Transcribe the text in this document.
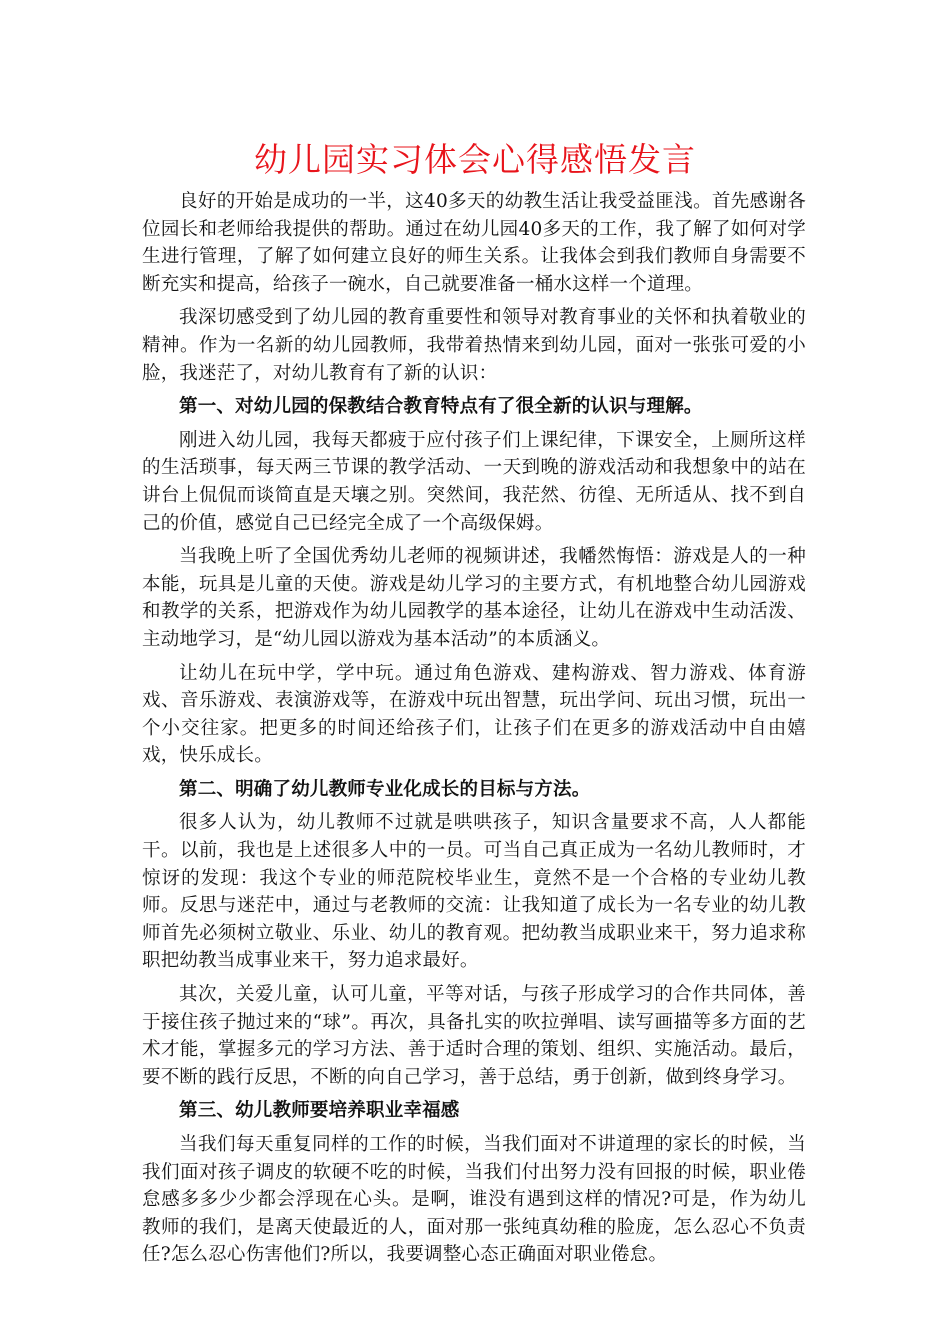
幼儿园实习体会心得感悟发言

良好的开始是成功的一半，这40多天的幼教生活让我受益匪浅。首先感谢各位园长和老师给我提供的帮助。通过在幼儿园40多天的工作，我了解了如何对学生进行管理，了解了如何建立良好的师生关系。让我体会到我们教师自身需要不断充实和提高，给孩子一碗水，自己就要准备一桶水这样一个道理。

我深切感受到了幼儿园的教育重要性和领导对教育事业的关怀和执着敬业的精神。作为一名新的幼儿园教师，我带着热情来到幼儿园，面对一张张可爱的小脸，我迷茫了，对幼儿教育有了新的认识：

第一、对幼儿园的保教结合教育特点有了很全新的认识与理解。

刚进入幼儿园，我每天都疲于应付孩子们上课纪律，下课安全，上厕所这样的生活琐事，每天两三节课的教学活动、一天到晚的游戏活动和我想象中的站在讲台上侃侃而谈简直是天壤之别。突然间，我茫然、彷徨、无所适从、找不到自己的价值，感觉自己已经完全成了一个高级保姆。

当我晚上听了全国优秀幼儿老师的视频讲述，我幡然悔悟：游戏是人的一种本能，玩具是儿童的天使。游戏是幼儿学习的主要方式，有机地整合幼儿园游戏和教学的关系，把游戏作为幼儿园教学的基本途径，让幼儿在游戏中生动活泼、主动地学习，是“幼儿园以游戏为基本活动”的本质涵义。

让幼儿在玩中学，学中玩。通过角色游戏、建构游戏、智力游戏、体育游戏、音乐游戏、表演游戏等，在游戏中玩出智慧，玩出学问、玩出习惯，玩出一个小交往家。把更多的时间还给孩子们，让孩子们在更多的游戏活动中自由嬉戏，快乐成长。

第二、明确了幼儿教师专业化成长的目标与方法。

很多人认为，幼儿教师不过就是哄哄孩子，知识含量要求不高，人人都能干。以前，我也是上述很多人中的一员。可当自己真正成为一名幼儿教师时，才惊讶的发现：我这个专业的师范院校毕业生，竟然不是一个合格的专业幼儿教师。反思与迷茫中，通过与老教师的交流：让我知道了成长为一名专业的幼儿教师首先必须树立敬业、乐业、幼儿的教育观。把幼教当成职业来干，努力追求称职把幼教当成事业来干，努力追求最好。

其次，关爱儿童，认可儿童，平等对话，与孩子形成学习的合作共同体，善于接住孩子抛过来的“球”。再次，具备扎实的吹拉弹唱、读写画描等多方面的艺术才能，掌握多元的学习方法、善于适时合理的策划、组织、实施活动。最后，要不断的践行反思，不断的向自己学习，善于总结，勇于创新，做到终身学习。

第三、幼儿教师要培养职业幸福感

当我们每天重复同样的工作的时候，当我们面对不讲道理的家长的时候，当我们面对孩子调皮的软硬不吃的时候，当我们付出努力没有回报的时候，职业倦怠感多多少少都会浮现在心头。是啊，谁没有遇到这样的情况?可是，作为幼儿教师的我们，是离天使最近的人，面对那一张纯真幼稚的脸庞，怎么忍心不负责任?怎么忍心伤害他们?所以，我要调整心态正确面对职业倦怠。
